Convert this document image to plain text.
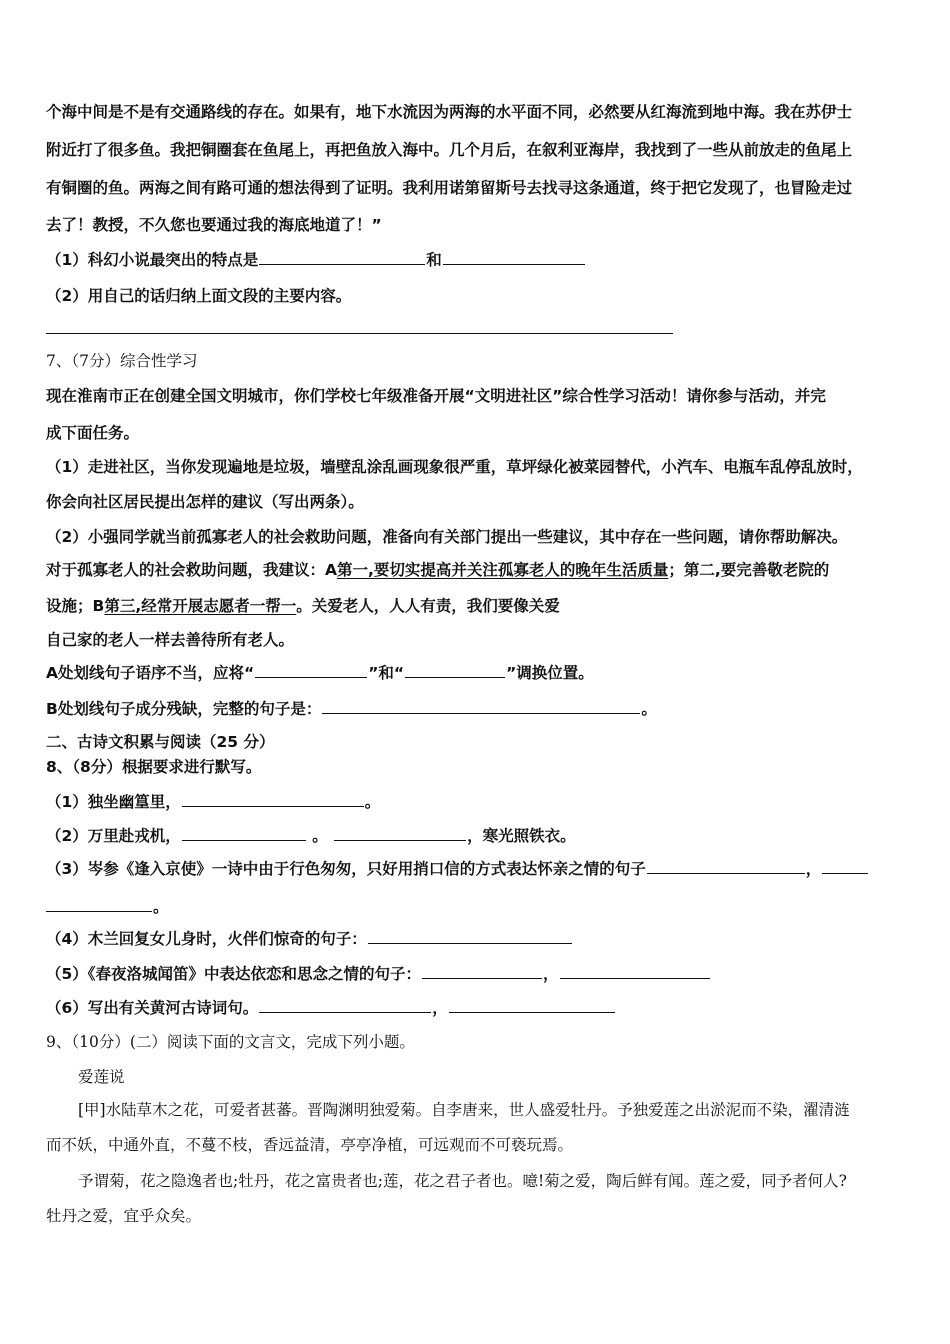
个海中间是不是有交通路线的存在。如果有，地下水流因为两海的水平面不同，必然要从红海流到地中海。我在苏伊士
附近打了很多鱼。我把铜圈套在鱼尾上，再把鱼放入海中。几个月后，在叙利亚海岸，我找到了一些从前放走的鱼尾上
有铜圈的鱼。两海之间有路可通的想法得到了证明。我利用诺第留斯号去找寻这条通道，终于把它发现了，也冒险走过
去了！教授，不久您也要通过我的海底地道了！”
（1）科幻小说最突出的特点是	和
（2）用自己的话归纳上面文段的主要内容。
7、（7分）综合性学习
现在淮南市正在创建全国文明城市，你们学校七年级准备开展“文明进社区”综合性学习活动！请你参与活动，并完
成下面任务。
（1）走进社区，当你发现遍地是垃圾，墙壁乱涂乱画现象很严重，草坪绿化被菜园替代，小汽车、电瓶车乱停乱放时，
你会向社区居民提出怎样的建议（写出两条）。
（2）小强同学就当前孤寡老人的社会救助问题，准备向有关部门提出一些建议，其中存在一些问题，请你帮助解决。
对于孤寡老人的社会救助问题，我建议：A第一,要切实提高并关注孤寡老人的晚年生活质量；第二,要完善敬老院的
设施；B第三,经常开展志愿者一帮一。关爱老人，人人有责，我们要像关爱
自己家的老人一样去善待所有老人。
A处划线句子语序不当，应将“	”和“	”调换位置。
B处划线句子成分残缺，完整的句子是：	。
二、古诗文积累与阅读（25 分）
8、（8分）根据要求进行默写。
（1）独坐幽篁里，	。
（2）万里赴戎机，	。	，寒光照铁衣。
（3）岑参《逢入京使》一诗中由于行色匆匆，只好用捎口信的方式表达怀亲之情的句子	，
。
（4）木兰回复女儿身时，火伴们惊奇的句子：
（5）《春夜洛城闻笛》中表达依恋和思念之情的句子：	，
（6）写出有关黄河古诗词句。	，
9、（10分）(二）阅读下面的文言文，完成下列小题。
爱莲说
[甲]水陆草木之花，可爱者甚蕃。晋陶渊明独爱菊。自李唐来，世人盛爱牡丹。予独爱莲之出淤泥而不染，濯清涟
而不妖，中通外直，不蔓不枝，香远益清，亭亭净植，可远观而不可亵玩焉。
予谓菊，花之隐逸者也;牡丹，花之富贵者也;莲，花之君子者也。噫!菊之爱，陶后鲜有闻。莲之爱，同予者何人?
牡丹之爱，宜乎众矣。
